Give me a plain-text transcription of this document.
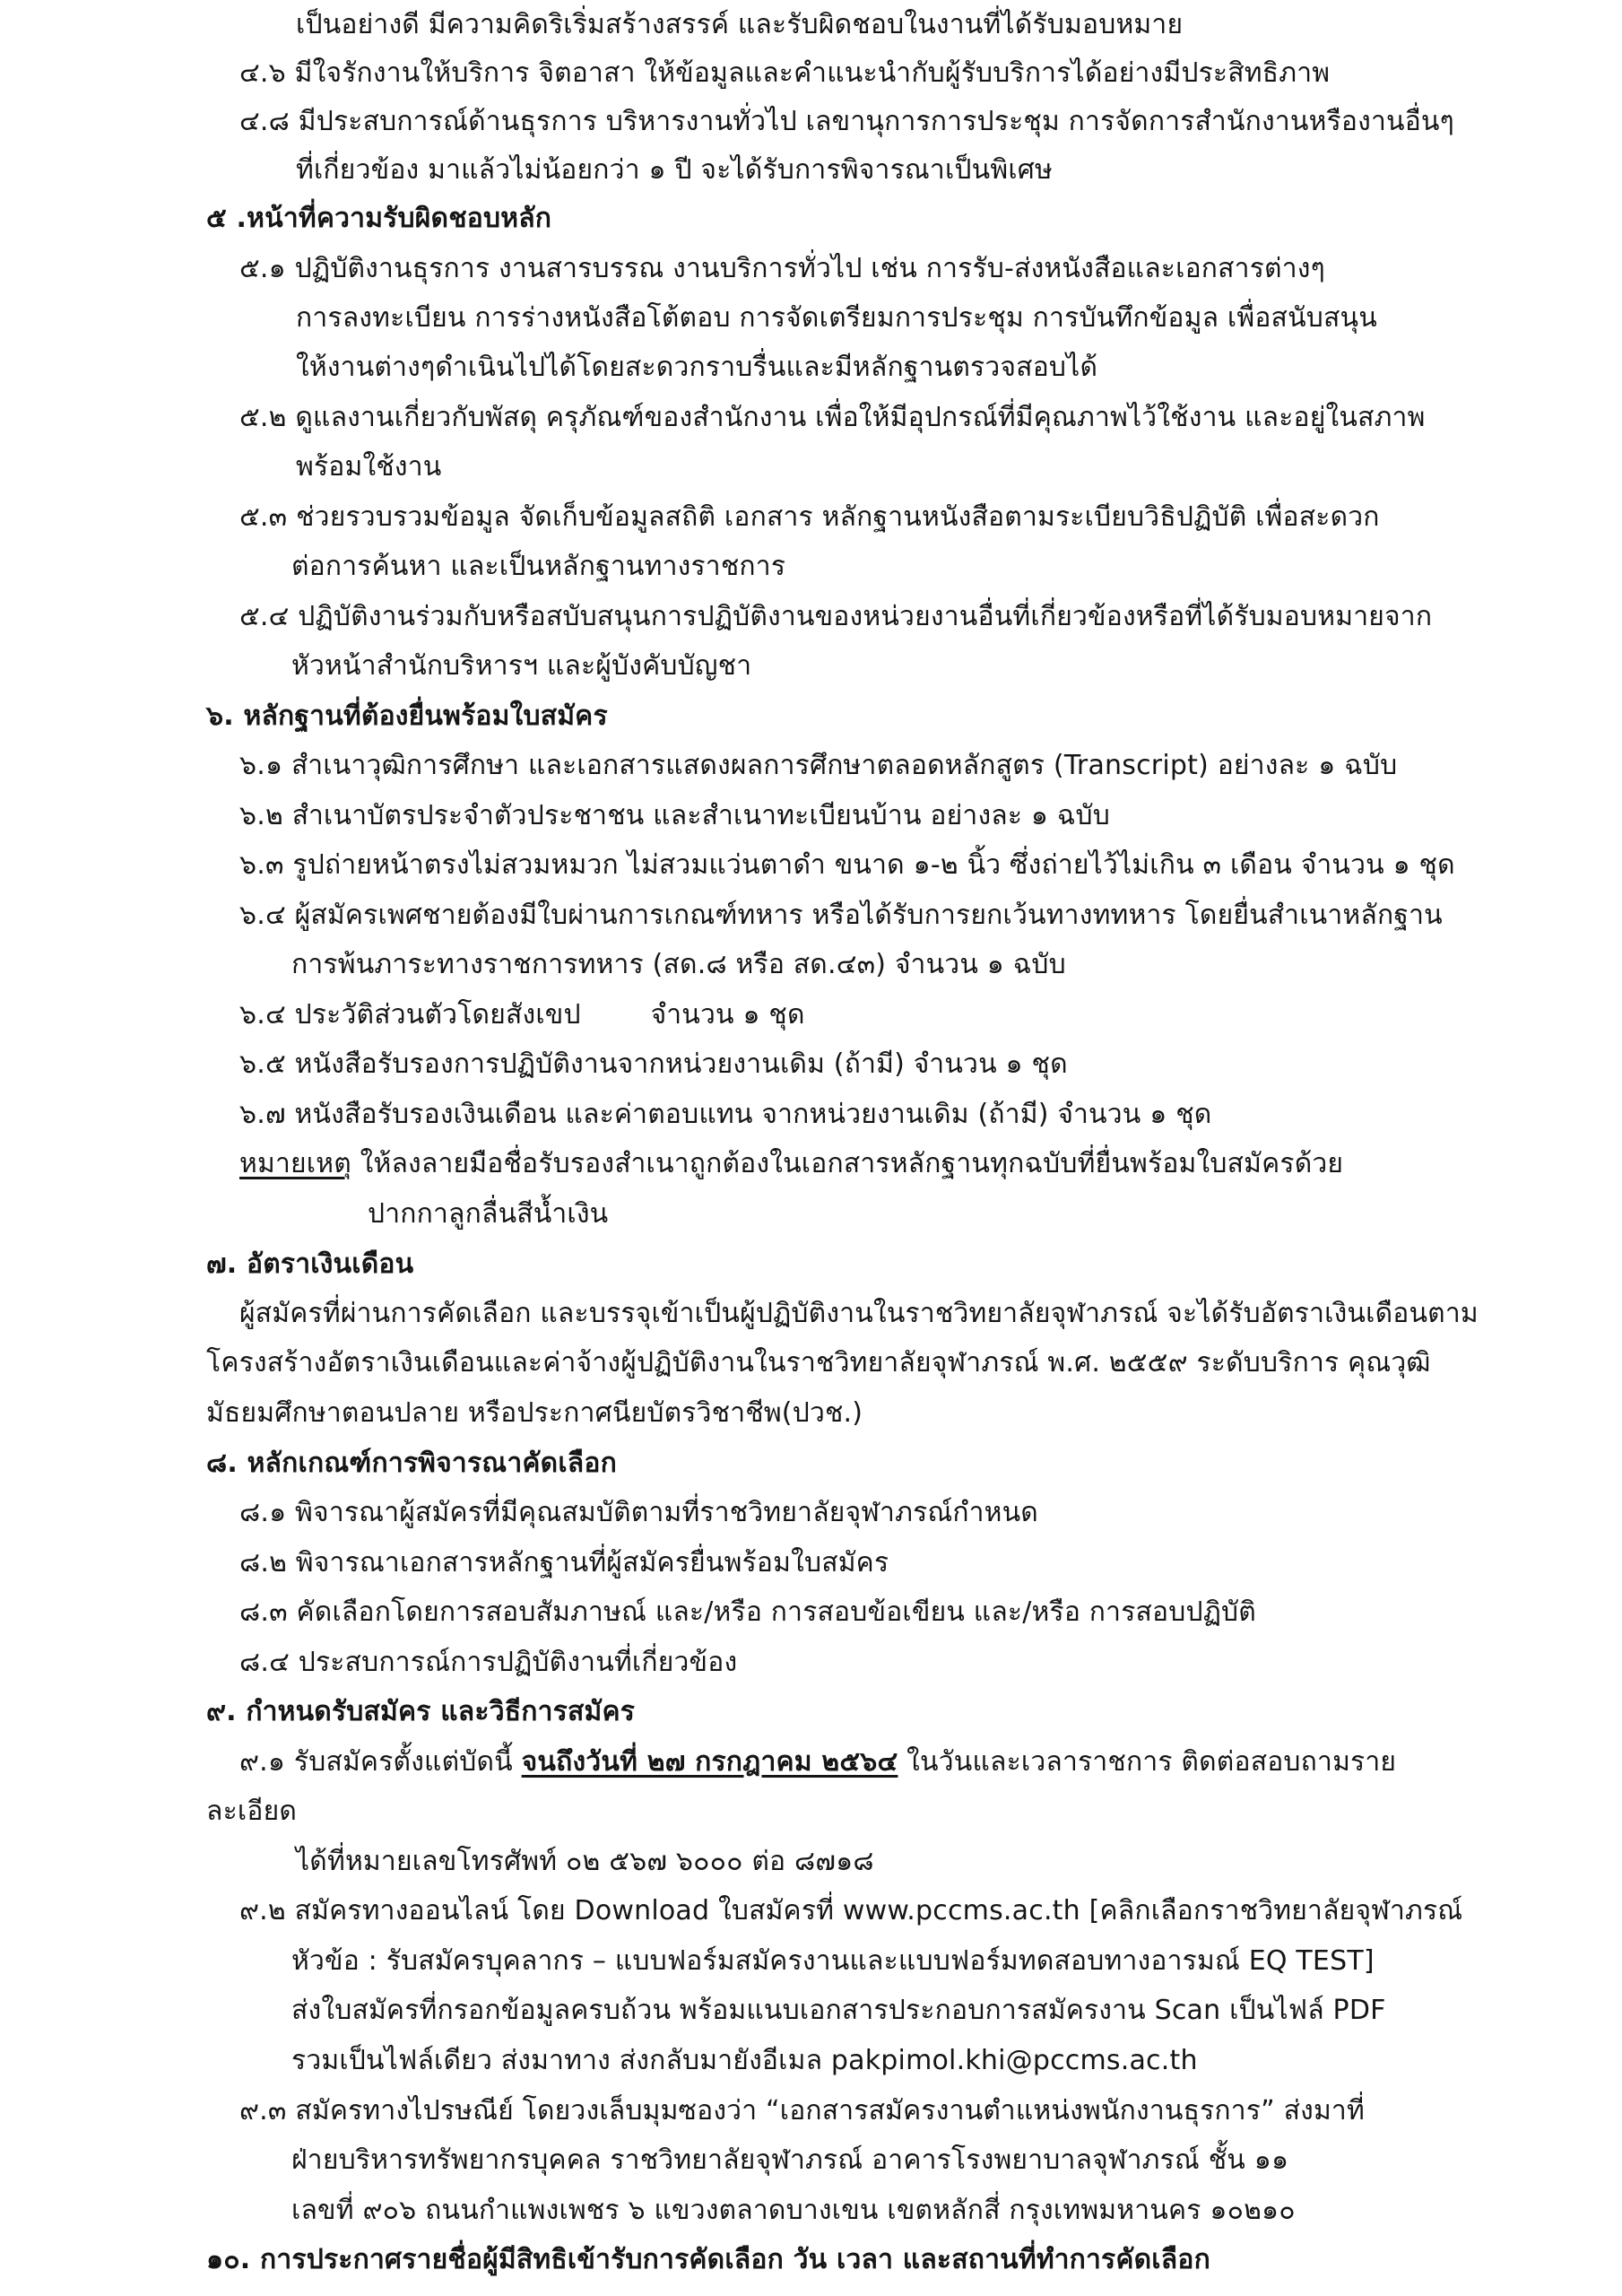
เป็นอย่างดี มีความคิดริเริ่มสร้างสรรค์ และรับผิดชอบในงานที่ได้รับมอบหมาย
๔.๖ มีใจรักงานให้บริการ จิตอาสา ให้ข้อมูลและคำแนะนำกับผู้รับบริการได้อย่างมีประสิทธิภาพ
๔.๘ มีประสบการณ์ด้านธุรการ บริหารงานทั่วไป เลขานุการการประชุม การจัดการสำนักงานหรืองานอื่นๆ
ที่เกี่ยวข้อง มาแล้วไม่น้อยกว่า ๑ ปี จะได้รับการพิจารณาเป็นพิเศษ
๕ .หน้าที่ความรับผิดชอบหลัก
๕.๑ ปฏิบัติงานธุรการ งานสารบรรณ งานบริการทั่วไป เช่น การรับ-ส่งหนังสือและเอกสารต่างๆ
การลงทะเบียน การร่างหนังสือโต้ตอบ การจัดเตรียมการประชุม การบันทึกข้อมูล เพื่อสนับสนุน
ให้งานต่างๆดำเนินไปได้โดยสะดวกราบรื่นและมีหลักฐานตรวจสอบได้
๕.๒ ดูแลงานเกี่ยวกับพัสดุ ครุภัณฑ์ของสำนักงาน เพื่อให้มีอุปกรณ์ที่มีคุณภาพไว้ใช้งาน และอยู่ในสภาพ
พร้อมใช้งาน
๕.๓ ช่วยรวบรวมข้อมูล จัดเก็บข้อมูลสถิติ เอกสาร หลักฐานหนังสือตามระเบียบวิธิปฏิบัติ เพื่อสะดวก
ต่อการค้นหา และเป็นหลักฐานทางราชการ
๕.๔ ปฏิบัติงานร่วมกับหรือสบับสนุนการปฏิบัติงานของหน่วยงานอื่นที่เกี่ยวข้องหรือที่ได้รับมอบหมายจาก
หัวหน้าสำนักบริหารฯ และผู้บังคับบัญชา
๖. หลักฐานที่ต้องยื่นพร้อมใบสมัคร
๖.๑ สำเนาวุฒิการศึกษา และเอกสารแสดงผลการศึกษาตลอดหลักสูตร (Transcript) อย่างละ ๑ ฉบับ
๖.๒ สำเนาบัตรประจำตัวประชาชน และสำเนาทะเบียนบ้าน อย่างละ ๑ ฉบับ
๖.๓ รูปถ่ายหน้าตรงไม่สวมหมวก ไม่สวมแว่นตาดำ ขนาด ๑-๒ นิ้ว ซึ่งถ่ายไว้ไม่เกิน ๓ เดือน จำนวน ๑ ชุด
๖.๔ ผู้สมัครเพศชายต้องมีใบผ่านการเกณฑ์ทหาร หรือได้รับการยกเว้นทางททหาร โดยยื่นสำเนาหลักฐาน
การพ้นภาระทางราชการทหาร (สด.๘ หรือ สด.๔๓) จำนวน ๑ ฉบับ
๖.๔ ประวัติส่วนตัวโดยสังเขป        จำนวน ๑ ชุด
๖.๕ หนังสือรับรองการปฏิบัติงานจากหน่วยงานเดิม (ถ้ามี) จำนวน ๑ ชุด
๖.๗ หนังสือรับรองเงินเดือน และค่าตอบแทน จากหน่วยงานเดิม (ถ้ามี) จำนวน ๑ ชุด
หมายเหตุ ให้ลงลายมือชื่อรับรองสำเนาถูกต้องในเอกสารหลักฐานทุกฉบับที่ยื่นพร้อมใบสมัครด้วย
ปากกาลูกลื่นสีน้ำเงิน
๗. อัตราเงินเดือน
ผู้สมัครที่ผ่านการคัดเลือก และบรรจุเข้าเป็นผู้ปฏิบัติงานในราชวิทยาลัยจุฬาภรณ์ จะได้รับอัตราเงินเดือนตาม
โครงสร้างอัตราเงินเดือนและค่าจ้างผู้ปฏิบัติงานในราชวิทยาลัยจุฬาภรณ์ พ.ศ. ๒๕๕๙ ระดับบริการ คุณวุฒิ
มัธยมศึกษาตอนปลาย หรือประกาศนียบัตรวิชาชีพ(ปวช.)
๘. หลักเกณฑ์การพิจารณาคัดเลือก
๘.๑ พิจารณาผู้สมัครที่มีคุณสมบัติตามที่ราชวิทยาลัยจุฬาภรณ์กำหนด
๘.๒ พิจารณาเอกสารหลักฐานที่ผู้สมัครยื่นพร้อมใบสมัคร
๘.๓ คัดเลือกโดยการสอบสัมภาษณ์ และ/หรือ การสอบข้อเขียน และ/หรือ การสอบปฏิบัติ
๘.๔ ประสบการณ์การปฏิบัติงานที่เกี่ยวข้อง
๙. กำหนดรับสมัคร และวิธีการสมัคร
๙.๑ รับสมัครตั้งแต่บัดนี้ จนถึงวันที่ ๒๗ กรกฎาคม ๒๕๖๔ ในวันและเวลาราชการ ติดต่อสอบถามราย
ละเอียด
ได้ที่หมายเลขโทรศัพท์ ๐๒ ๕๖๗ ๖๐๐๐ ต่อ ๘๗๑๘
๙.๒ สมัครทางออนไลน์ โดย Download ใบสมัครที่ www.pccms.ac.th [คลิกเลือกราชวิทยาลัยจุฬาภรณ์
หัวข้อ : รับสมัครบุคลากร – แบบฟอร์มสมัครงานและแบบฟอร์มทดสอบทางอารมณ์ EQ TEST]
ส่งใบสมัครที่กรอกข้อมูลครบถ้วน พร้อมแนบเอกสารประกอบการสมัครงาน Scan เป็นไฟล์ PDF
รวมเป็นไฟล์เดียว ส่งมาทาง ส่งกลับมายังอีเมล pakpimol.khi@pccms.ac.th
๙.๓ สมัครทางไปรษณีย์ โดยวงเล็บมุมซองว่า “เอกสารสมัครงานตำแหน่งพนักงานธุรการ” ส่งมาที่
ฝ่ายบริหารทรัพยากรบุคคล ราชวิทยาลัยจุฬาภรณ์ อาคารโรงพยาบาลจุฬาภรณ์ ชั้น ๑๑
เลขที่ ๙๐๖ ถนนกำแพงเพชร ๖ แขวงตลาดบางเขน เขตหลักสี่ กรุงเทพมหานคร ๑๐๒๑๐
๑๐. การประกาศรายชื่อผู้มีสิทธิเข้ารับการคัดเลือก วัน เวลา และสถานที่ทำการคัดเลือก
